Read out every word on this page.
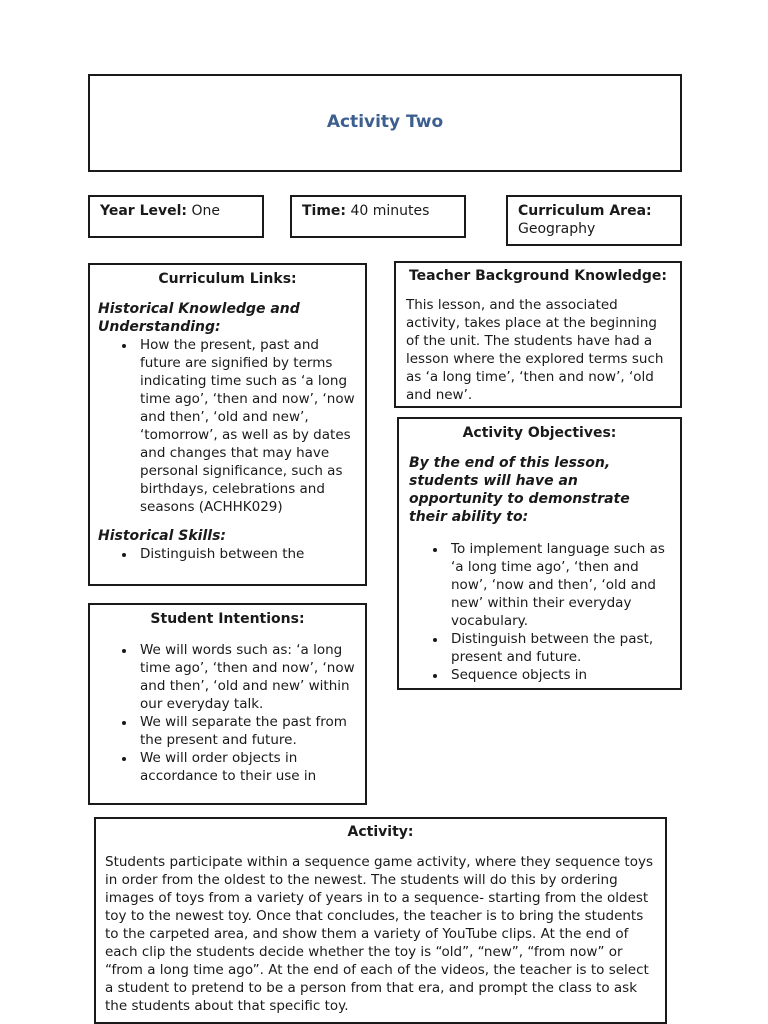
Activity Two
Year Level: One	Time: 40 minutes	Curriculum Area:
Geography
Curriculum Links:
Historical Knowledge and Understanding:
• How the present, past and future are signified by terms indicating time such as ‘a long time ago’, ‘then and now’, ‘now and then’, ‘old and new’, ‘tomorrow’, as well as by dates and changes that may have personal significance, such as birthdays, celebrations and seasons (ACHHK029)
Historical Skills:
• Distinguish between the
Teacher Background Knowledge:
This lesson, and the associated activity, takes place at the beginning of the unit. The students have had a lesson where the explored terms such as ‘a long time’, ‘then and now’, ‘old and new’.
Activity Objectives:
By the end of this lesson, students will have an opportunity to demonstrate their ability to:
• To implement language such as ‘a long time ago’, ‘then and now’, ‘now and then’, ‘old and new’ within their everyday vocabulary.
• Distinguish between the past, present and future.
• Sequence objects in
Student Intentions:
• We will words such as: ‘a long time ago’, ‘then and now’, ‘now and then’, ‘old and new’ within our everyday talk.
• We will separate the past from the present and future.
• We will order objects in accordance to their use in
Activity:
Students participate within a sequence game activity, where they sequence toys in order from the oldest to the newest. The students will do this by ordering images of toys from a variety of years in to a sequence- starting from the oldest toy to the newest toy. Once that concludes, the teacher is to bring the students to the carpeted area, and show them a variety of YouTube clips. At the end of each clip the students decide whether the toy is “old”, “new”, “from now” or “from a long time ago”. At the end of each of the videos, the teacher is to select a student to pretend to be a person from that era, and prompt the class to ask the students about that specific toy.
